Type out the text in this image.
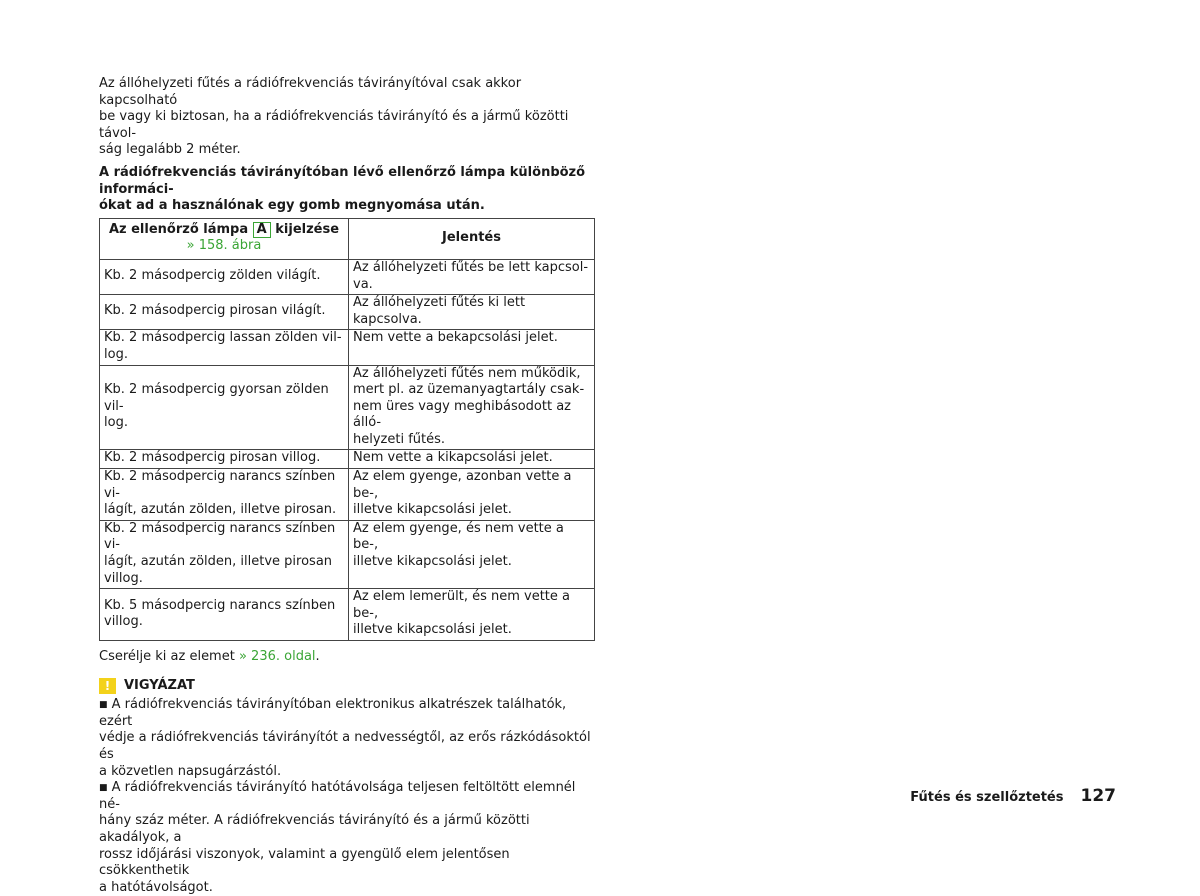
Az állóhelyzeti fűtés a rádiófrekvenciás távirányítóval csak akkor kapcsolható
be vagy ki biztosan, ha a rádiófrekvenciás távirányító és a jármű közötti távol-
ság legalább 2 méter.

A rádiófrekvenciás távirányítóban lévő ellenőrző lámpa különböző informáci-
ókat ad a használónak egy gomb megnyomása után.

Az ellenőrző lámpa A kijelzése
» 158. ábra	Jelentés
Kb. 2 másodpercig zölden világít.	Az állóhelyzeti fűtés be lett kapcsol-
va.
Kb. 2 másodpercig pirosan világít.	Az állóhelyzeti fűtés ki lett kapcsolva.
Kb. 2 másodpercig lassan zölden vil-
log.	Nem vette a bekapcsolási jelet.
Kb. 2 másodpercig gyorsan zölden vil-
log.	Az állóhelyzeti fűtés nem működik,
mert pl. az üzemanyagtartály csak-
nem üres vagy meghibásodott az álló-
helyzeti fűtés.
Kb. 2 másodpercig pirosan villog.	Nem vette a kikapcsolási jelet.
Kb. 2 másodpercig narancs színben vi-
lágít, azután zölden, illetve pirosan.	Az elem gyenge, azonban vette a be-,
illetve kikapcsolási jelet.
Kb. 2 másodpercig narancs színben vi-
lágít, azután zölden, illetve pirosan
villog.	Az elem gyenge, és nem vette a be-,
illetve kikapcsolási jelet.
Kb. 5 másodpercig narancs színben
villog.	Az elem lemerült, és nem vette a be-,
illetve kikapcsolási jelet.
Cserélje ki az elemet » 236. oldal.
!	VIGYÁZAT
■ A rádiófrekvenciás távirányítóban elektronikus alkatrészek találhatók, ezért
védje a rádiófrekvenciás távirányítót a nedvességtől, az erős rázkódásoktól és
a közvetlen napsugárzástól.
■ A rádiófrekvenciás távirányító hatótávolsága teljesen feltöltött elemnél né-
hány száz méter. A rádiófrekvenciás távirányító és a jármű közötti akadályok, a
rossz időjárási viszonyok, valamint a gyengülő elem jelentősen csökkenthetik
a hatótávolságot.
Fűtés és szellőztetés 127
